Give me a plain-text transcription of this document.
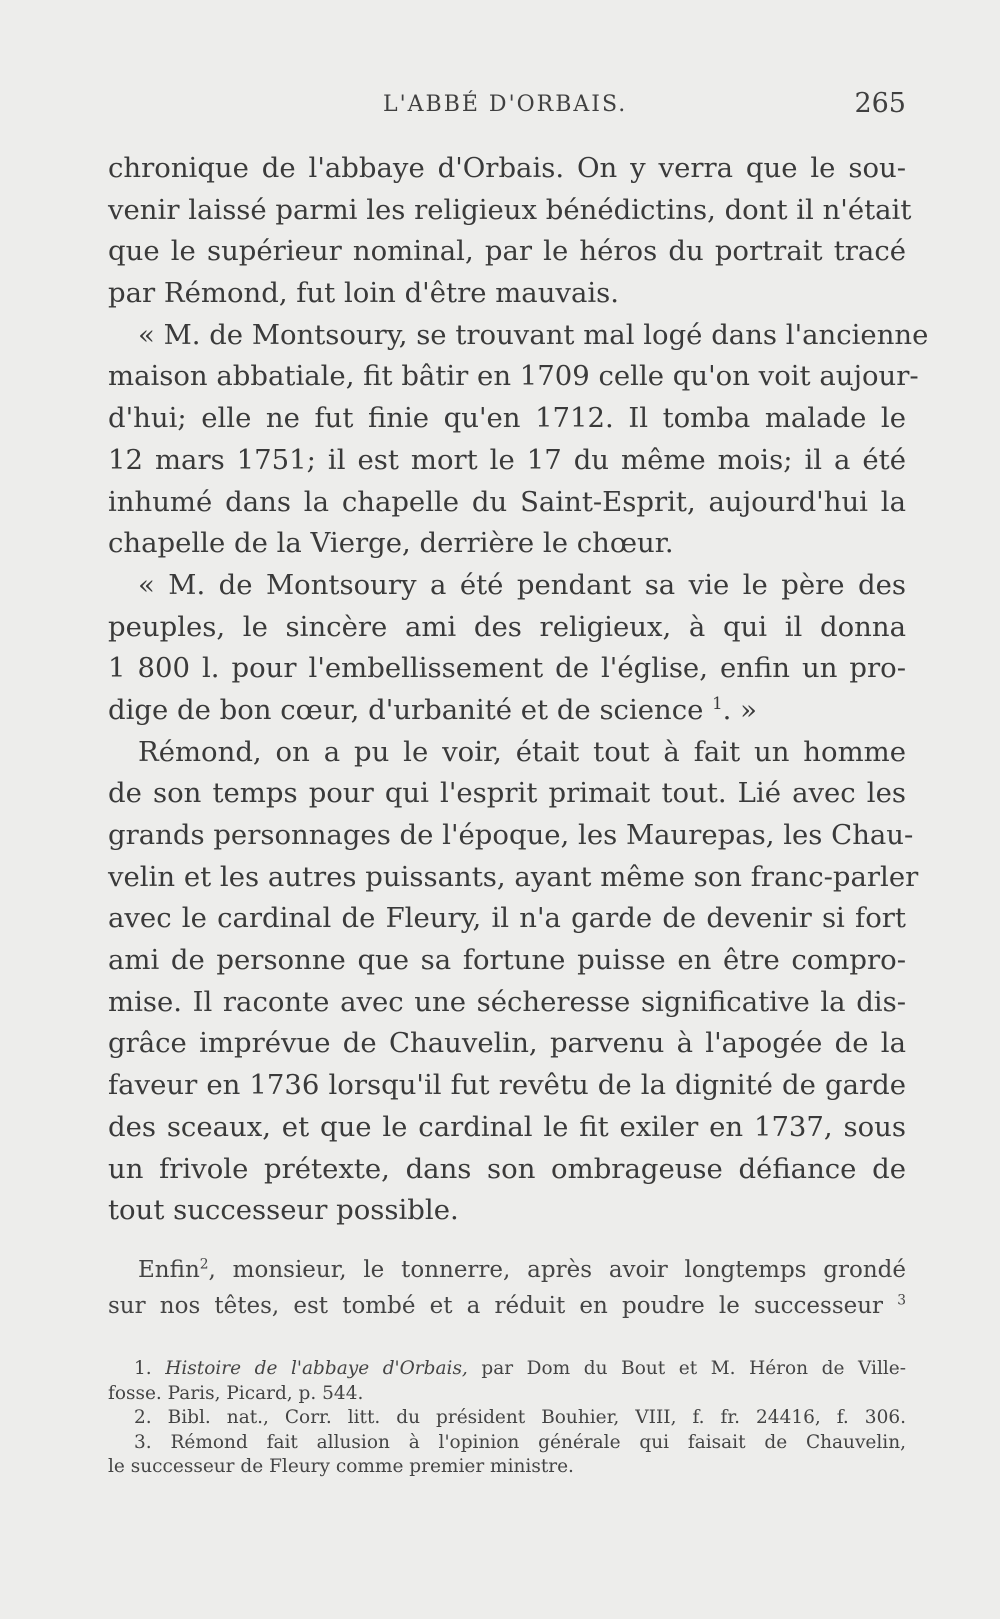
L'ABBÉ D'ORBAIS.	265
chronique de l'abbaye d'Orbais. On y verra que le sou-
venir laissé parmi les religieux bénédictins, dont il n'était
que le supérieur nominal, par le héros du portrait tracé
par Rémond, fut loin d'être mauvais.
« M. de Montsoury, se trouvant mal logé dans l'ancienne
maison abbatiale, fit bâtir en 1709 celle qu'on voit aujour-
d'hui; elle ne fut finie qu'en 1712. Il tomba malade le
12 mars 1751; il est mort le 17 du même mois; il a été
inhumé dans la chapelle du Saint-Esprit, aujourd'hui la
chapelle de la Vierge, derrière le chœur.
« M. de Montsoury a été pendant sa vie le père des
peuples, le sincère ami des religieux, à qui il donna
1 800 l. pour l'embellissement de l'église, enfin un pro-
dige de bon cœur, d'urbanité et de science $^1$. »
Rémond, on a pu le voir, était tout à fait un homme
de son temps pour qui l'esprit primait tout. Lié avec les
grands personnages de l'époque, les Maurepas, les Chau-
velin et les autres puissants, ayant même son franc-parler
avec le cardinal de Fleury, il n'a garde de devenir si fort
ami de personne que sa fortune puisse en être compro-
mise. Il raconte avec une sécheresse significative la dis-
grâce imprévue de Chauvelin, parvenu à l'apogée de la
faveur en 1736 lorsqu'il fut revêtu de la dignité de garde
des sceaux, et que le cardinal le fit exiler en 1737, sous
un frivole prétexte, dans son ombrageuse défiance de
tout successeur possible.
Enfin$^2$, monsieur, le tonnerre, après avoir longtemps grondé
sur nos têtes, est tombé et a réduit en poudre le successeur $^3$
1. Histoire de l'abbaye d'Orbais, par Dom du Bout et M. Héron de Ville-
fosse. Paris, Picard, p. 544.
2. Bibl. nat., Corr. litt. du président Bouhier, VIII, f. fr. 24416, f. 306.
3. Rémond fait allusion à l'opinion générale qui faisait de Chauvelin,
le successeur de Fleury comme premier ministre.
